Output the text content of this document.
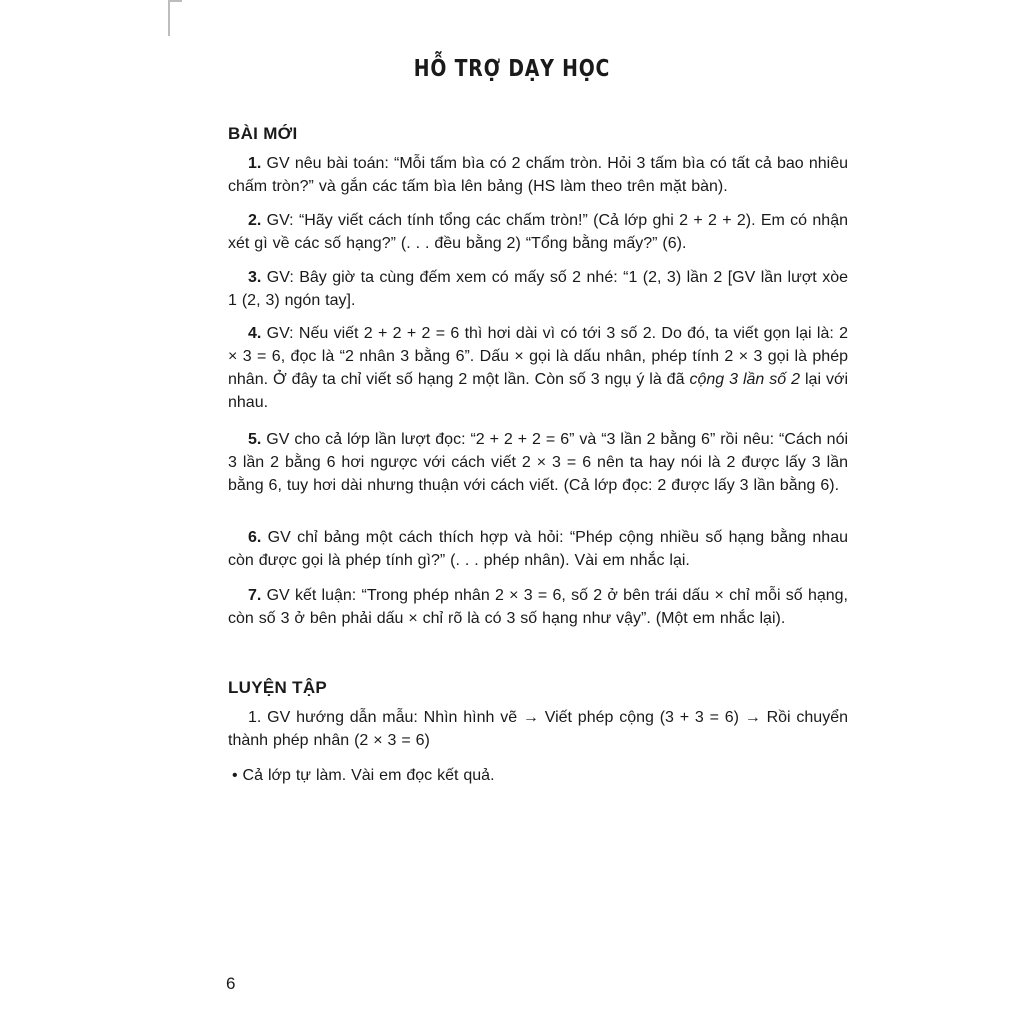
HỖ TRỢ DẠY HỌC
BÀI MỚI
1. GV nêu bài toán: “Mỗi tấm bìa có 2 chấm tròn. Hỏi 3 tấm bìa có tất cả bao nhiêu chấm tròn?” và gắn các tấm bìa lên bảng (HS làm theo trên mặt bàn).
2. GV: “Hãy viết cách tính tổng các chấm tròn!” (Cả lớp ghi 2 + 2 + 2). Em có nhận xét gì về các số hạng?” (. . . đều bằng 2) “Tổng bằng mấy?” (6).
3. GV: Bây giờ ta cùng đếm xem có mấy số 2 nhé: “1 (2, 3) lần 2 [GV lần lượt xòe 1 (2, 3) ngón tay].
4. GV: Nếu viết 2 + 2 + 2 = 6 thì hơi dài vì có tới 3 số 2. Do đó, ta viết gọn lại là: 2 × 3 = 6, đọc là “2 nhân 3 bằng 6”. Dấu × gọi là dấu nhân, phép tính 2 × 3 gọi là phép nhân. Ở đây ta chỉ viết số hạng 2 một lần. Còn số 3 ngụ ý là đã cộng 3 lần số 2 lại với nhau.
5. GV cho cả lớp lần lượt đọc: “2 + 2 + 2 = 6” và “3 lần 2 bằng 6” rồi nêu: “Cách nói 3 lần 2 bằng 6 hơi ngược với cách viết 2 × 3 = 6 nên ta hay nói là 2 được lấy 3 lần bằng 6, tuy hơi dài nhưng thuận với cách viết. (Cả lớp đọc: 2 được lấy 3 lần bằng 6).
6. GV chỉ bảng một cách thích hợp và hỏi: “Phép cộng nhiều số hạng bằng nhau còn được gọi là phép tính gì?” (. . . phép nhân). Vài em nhắc lại.
7. GV kết luận: “Trong phép nhân 2 × 3 = 6, số 2 ở bên trái dấu × chỉ mỗi số hạng, còn số 3 ở bên phải dấu × chỉ rõ là có 3 số hạng như vậy”. (Một em nhắc lại).
LUYỆN TẬP
1. GV hướng dẫn mẫu: Nhìn hình vẽ → Viết phép cộng (3 + 3 = 6) → Rồi chuyển thành phép nhân (2 × 3 = 6)
• Cả lớp tự làm. Vài em đọc kết quả.
6
